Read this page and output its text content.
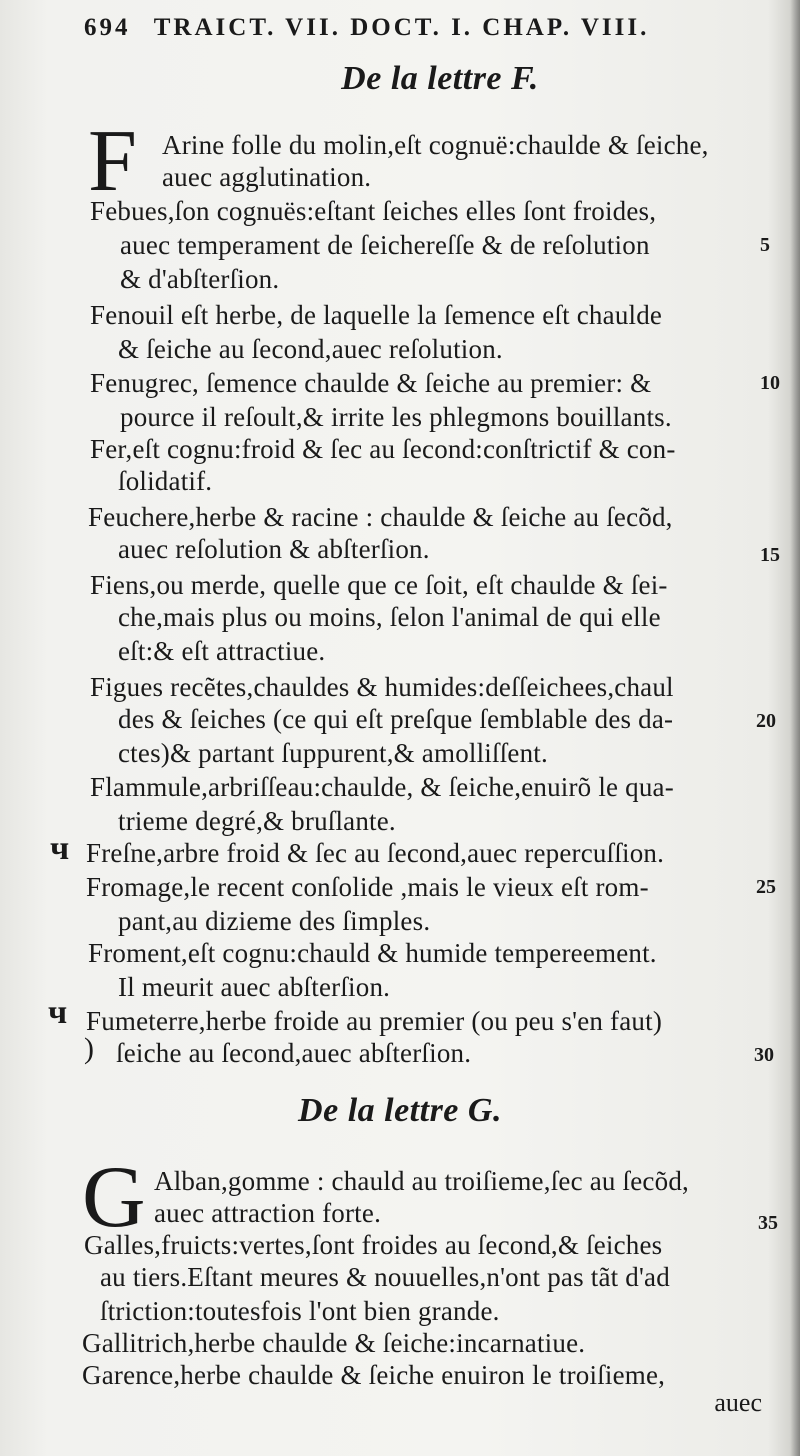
694 TRAICT. VII. DOCT. I. CHAP. VIII.
De la lettre F.
De la lettre G.
F
G
Arine folle du molin,eſt cognuë:chaulde & ſeiche,
auec agglutination.
Febues,ſon cognuës:eſtant ſeiches elles ſont froides,
auec temperament de ſeichereſſe & de reſolution
& d'abſterſion.
Fenouil eſt herbe, de laquelle la ſemence eſt chaulde
& ſeiche au ſecond,auec reſolution.
Fenugrec, ſemence chaulde & ſeiche au premier: &
pource il reſoult,& irrite les phlegmons bouillants.
Fer,eſt cognu:froid & ſec au ſecond:conſtrictif & con-
ſolidatif.
Feuchere,herbe & racine : chaulde & ſeiche au ſecõd,
auec reſolution & abſterſion.
Fiens,ou merde, quelle que ce ſoit, eſt chaulde & ſei-
che,mais plus ou moins, ſelon l'animal de qui elle
eſt:& eſt attractiue.
Figues recẽtes,chauldes & humides:deſſeichees,chaul
des & ſeiches (ce qui eſt preſque ſemblable des da-
ctes)& partant ſuppurent,& amolliſſent.
Flammule,arbriſſeau:chaulde, & ſeiche,enuirõ le qua-
trieme degré,& bruſlante.
Freſne,arbre froid & ſec au ſecond,auec repercuſſion.
Fromage,le recent conſolide ,mais le vieux eſt rom-
pant,au dizieme des ſimples.
Froment,eſt cognu:chauld & humide tempereement.
Il meurit auec abſterſion.
Fumeterre,herbe froide au premier (ou peu s'en faut)
ſeiche au ſecond,auec abſterſion.
Alban,gomme : chauld au troiſieme,ſec au ſecõd,
auec attraction forte.
Galles,fruicts:vertes,ſont froides au ſecond,& ſeiches
au tiers.Eſtant meures & nouuelles,n'ont pas tãt d'ad
ſtriction:toutesfois l'ont bien grande.
Gallitrich,herbe chaulde & ſeiche:incarnatiue.
Garence,herbe chaulde & ſeiche enuiron le troiſieme,
5
10
15
20
25
30
35
ч
ч
)
auec
